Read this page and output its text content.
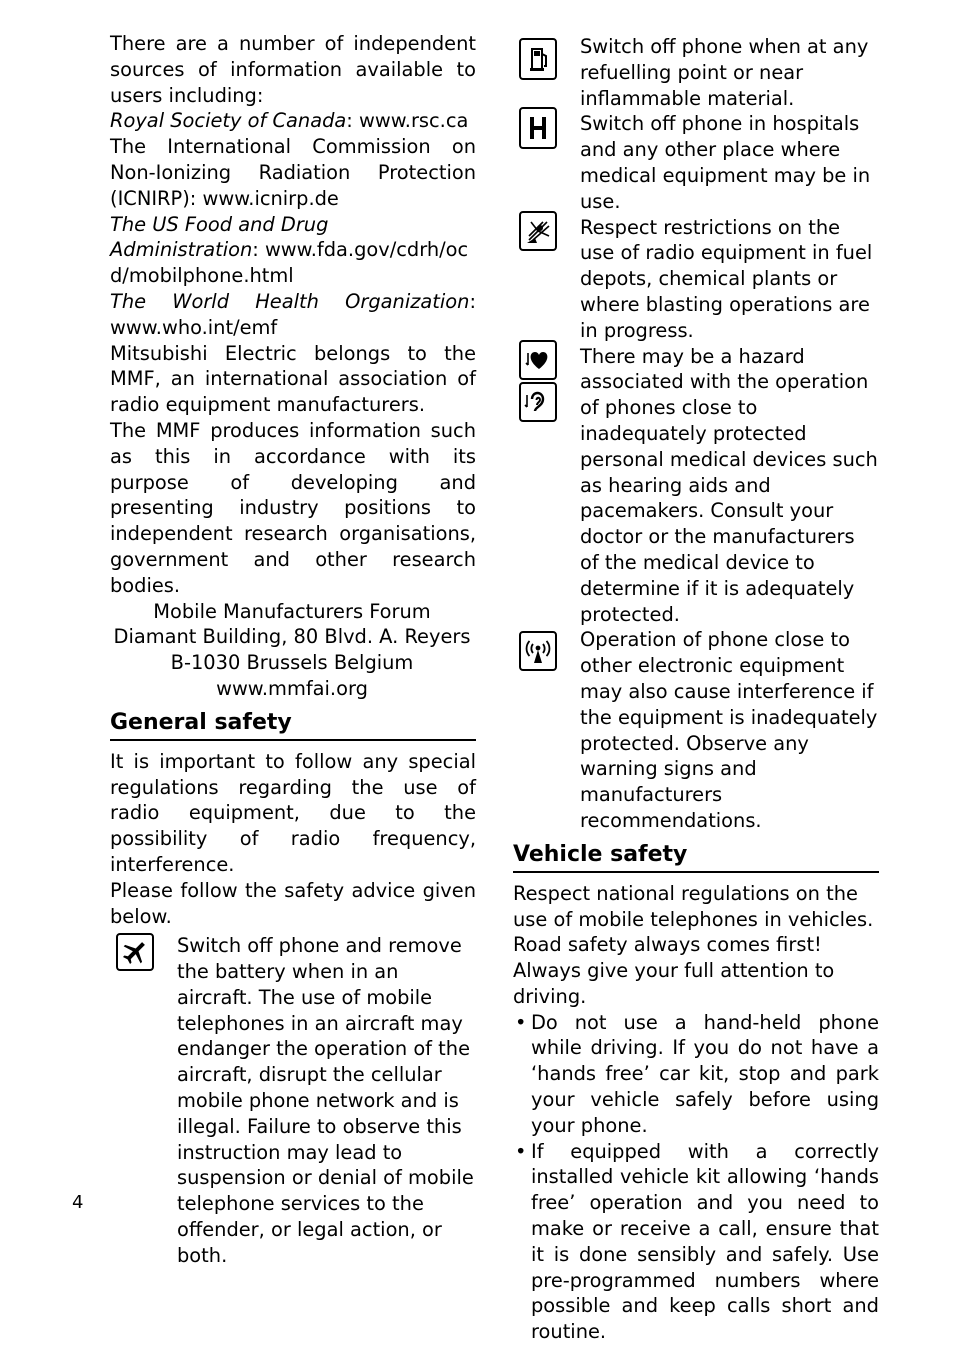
There are a number of independent sources of information available to users including:

Royal Society of Canada: www.rsc.ca

The International Commission on Non-Ionizing Radiation Protection (ICNIRP): www.icnirp.de

The US Food and Drug Administration: www.fda.gov/cdrh/ocd/mobilphone.html

The World Health Organization: www.who.int/emf

Mitsubishi Electric belongs to the MMF, an international association of radio equipment manufacturers.

The MMF produces information such as this in accordance with its purpose of developing and presenting industry positions to independent research organisations, government and other research bodies.

Mobile Manufacturers Forum
Diamant Building, 80 Blvd. A. Reyers
B-1030 Brussels Belgium
www.mmfai.org
General safety

It is important to follow any special regulations regarding the use of radio equipment, due to the possibility of radio frequency, interference.

Please follow the safety advice given below.

Switch off phone and remove the battery when in an aircraft. The use of mobile telephones in an aircraft may endanger the operation of the aircraft, disrupt the cellular mobile phone network and is illegal. Failure to observe this instruction may lead to suspension or denial of mobile telephone services to the offender, or legal action, or both.

Switch off phone when at any refuelling point or near inflammable material.

Switch off phone in hospitals and any other place where medical equipment may be in use.

Respect restrictions on the use of radio equipment in fuel depots, chemical plants or where blasting operations are in progress.

There may be a hazard associated with the operation of phones close to inadequately protected personal medical devices such as hearing aids and pacemakers. Consult your doctor or the manufacturers of the medical device to determine if it is adequately protected.

Operation of phone close to other electronic equipment may also cause interference if the equipment is inadequately protected. Observe any warning signs and manufacturers recommendations.

Vehicle safety

Respect national regulations on the use of mobile telephones in vehicles.

Road safety always comes first! Always give your full attention to driving.

• Do not use a hand-held phone while driving. If you do not have a ‘hands free’ car kit, stop and park your vehicle safely before using your phone.

• If equipped with a correctly installed vehicle kit allowing ‘hands free’ operation and you need to make or receive a call, ensure that it is done sensibly and safely. Use pre-programmed numbers where possible and keep calls short and routine.

4
